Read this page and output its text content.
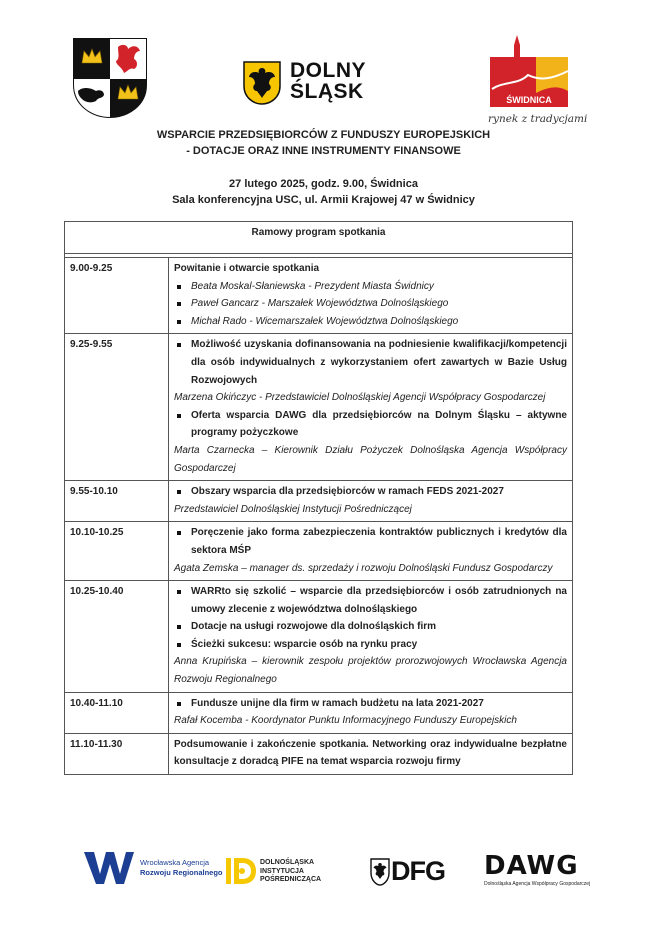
DOLNY
ŚLĄSK	ŚWIDNICA
rynek z tradycjami
WSPARCIE PRZEDSIĘBIORCÓW Z FUNDUSZY EUROPEJSKICH
- DOTACJE ORAZ INNE INSTRUMENTY FINANSOWE
27 lutego 2025, godz. 9.00, Świdnica
Sala konferencyjna USC, ul. Armii Krajowej 47 w Świdnicy
Ramowy program spotkania	

9.00-9.25	Powitanie i otwarcie spotkania
Beata Moskal-Słaniewska - Prezydent Miasta Świdnicy
Paweł Gancarz - Marszałek Województwa Dolnośląskiego
Michał Rado - Wicemarszałek Województwa Dolnośląskiego

9.25-9.55	Możliwość uzyskania dofinansowania na podniesienie kwalifikacji/kompetencji dla osób indywidualnych z wykorzystaniem ofert zawartych w Bazie Usług Rozwojowych
Marzena Okińczyc - Przedstawiciel Dolnośląskiej Agencji Współpracy Gospodarczej
Oferta wsparcia DAWG dla przedsiębiorców na Dolnym Śląsku – aktywne programy pożyczkowe
Marta Czarnecka – Kierownik Działu Pożyczek Dolnośląska Agencja Współpracy Gospodarczej

9.55-10.10	Obszary wsparcia dla przedsiębiorców w ramach FEDS 2021-2027
Przedstawiciel Dolnośląskiej Instytucji Pośredniczącej

10.10-10.25	Poręczenie jako forma zabezpieczenia kontraktów publicznych i kredytów dla sektora MŚP
Agata Zemska – manager ds. sprzedaży i rozwoju Dolnośląski Fundusz Gospodarczy

10.25-10.40	WARRto się szkolić – wsparcie dla przedsiębiorców i osób zatrudnionych na umowy zlecenie z województwa dolnośląskiego
Dotacje na usługi rozwojowe dla dolnośląskich firm
Ścieżki sukcesu: wsparcie osób na rynku pracy
Anna Krupińska – kierownik zespołu projektów prorozwojowych Wrocławska Agencja Rozwoju Regionalnego

10.40-11.10	Fundusze unijne dla firm w ramach budżetu na lata 2021-2027
Rafał Kocemba - Koordynator Punktu Informacyjnego Funduszy Europejskich

11.10-11.30	Podsumowanie i zakończenie spotkania. Networking oraz indywidualne bezpłatne konsultacje z doradcą PIFE na temat wsparcia rozwoju firmy
Wrocławska Agencja
Rozwoju Regionalnego
DOLNOŚLĄSKA
INSTYTUCJA
POŚREDNICZĄCA	DFG DAWG
Dolnośląska Agencja Współpracy Gospodarczej
